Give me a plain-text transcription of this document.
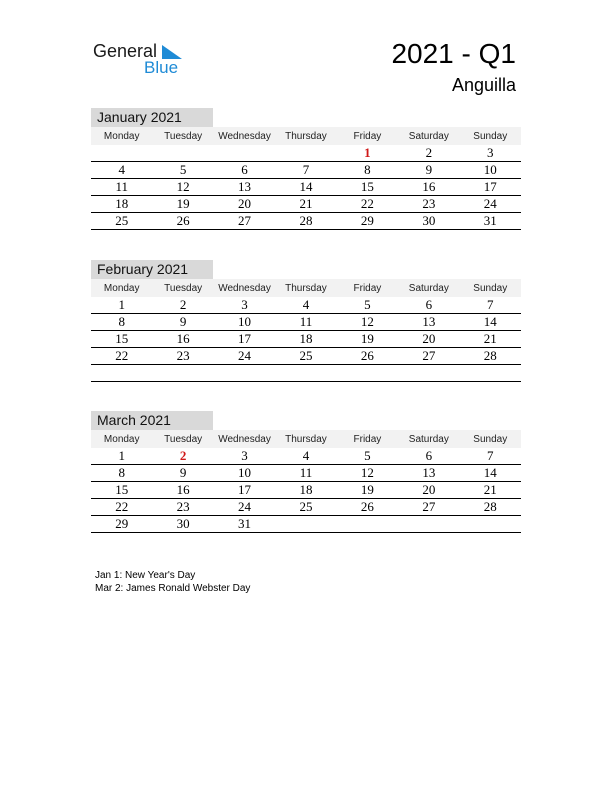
General
Blue	2021 - Q1
Anguilla
January 2021
Monday	Tuesday	Wednesday	Thursday	Friday	Saturday	Sunday
				1	2	3
4	5	6	7	8	9	10
11	12	13	14	15	16	17
18	19	20	21	22	23	24
25	26	27	28	29	30	31
February 2021
Monday	Tuesday	Wednesday	Thursday	Friday	Saturday	Sunday
1	2	3	4	5	6	7
8	9	10	11	12	13	14
15	16	17	18	19	20	21
22	23	24	25	26	27	28

March 2021
Monday	Tuesday	Wednesday	Thursday	Friday	Saturday	Sunday
1	2	3	4	5	6	7
8	9	10	11	12	13	14
15	16	17	18	19	20	21
22	23	24	25	26	27	28
29	30	31				
Jan 1: New Year's Day
Mar 2: James Ronald Webster Day
